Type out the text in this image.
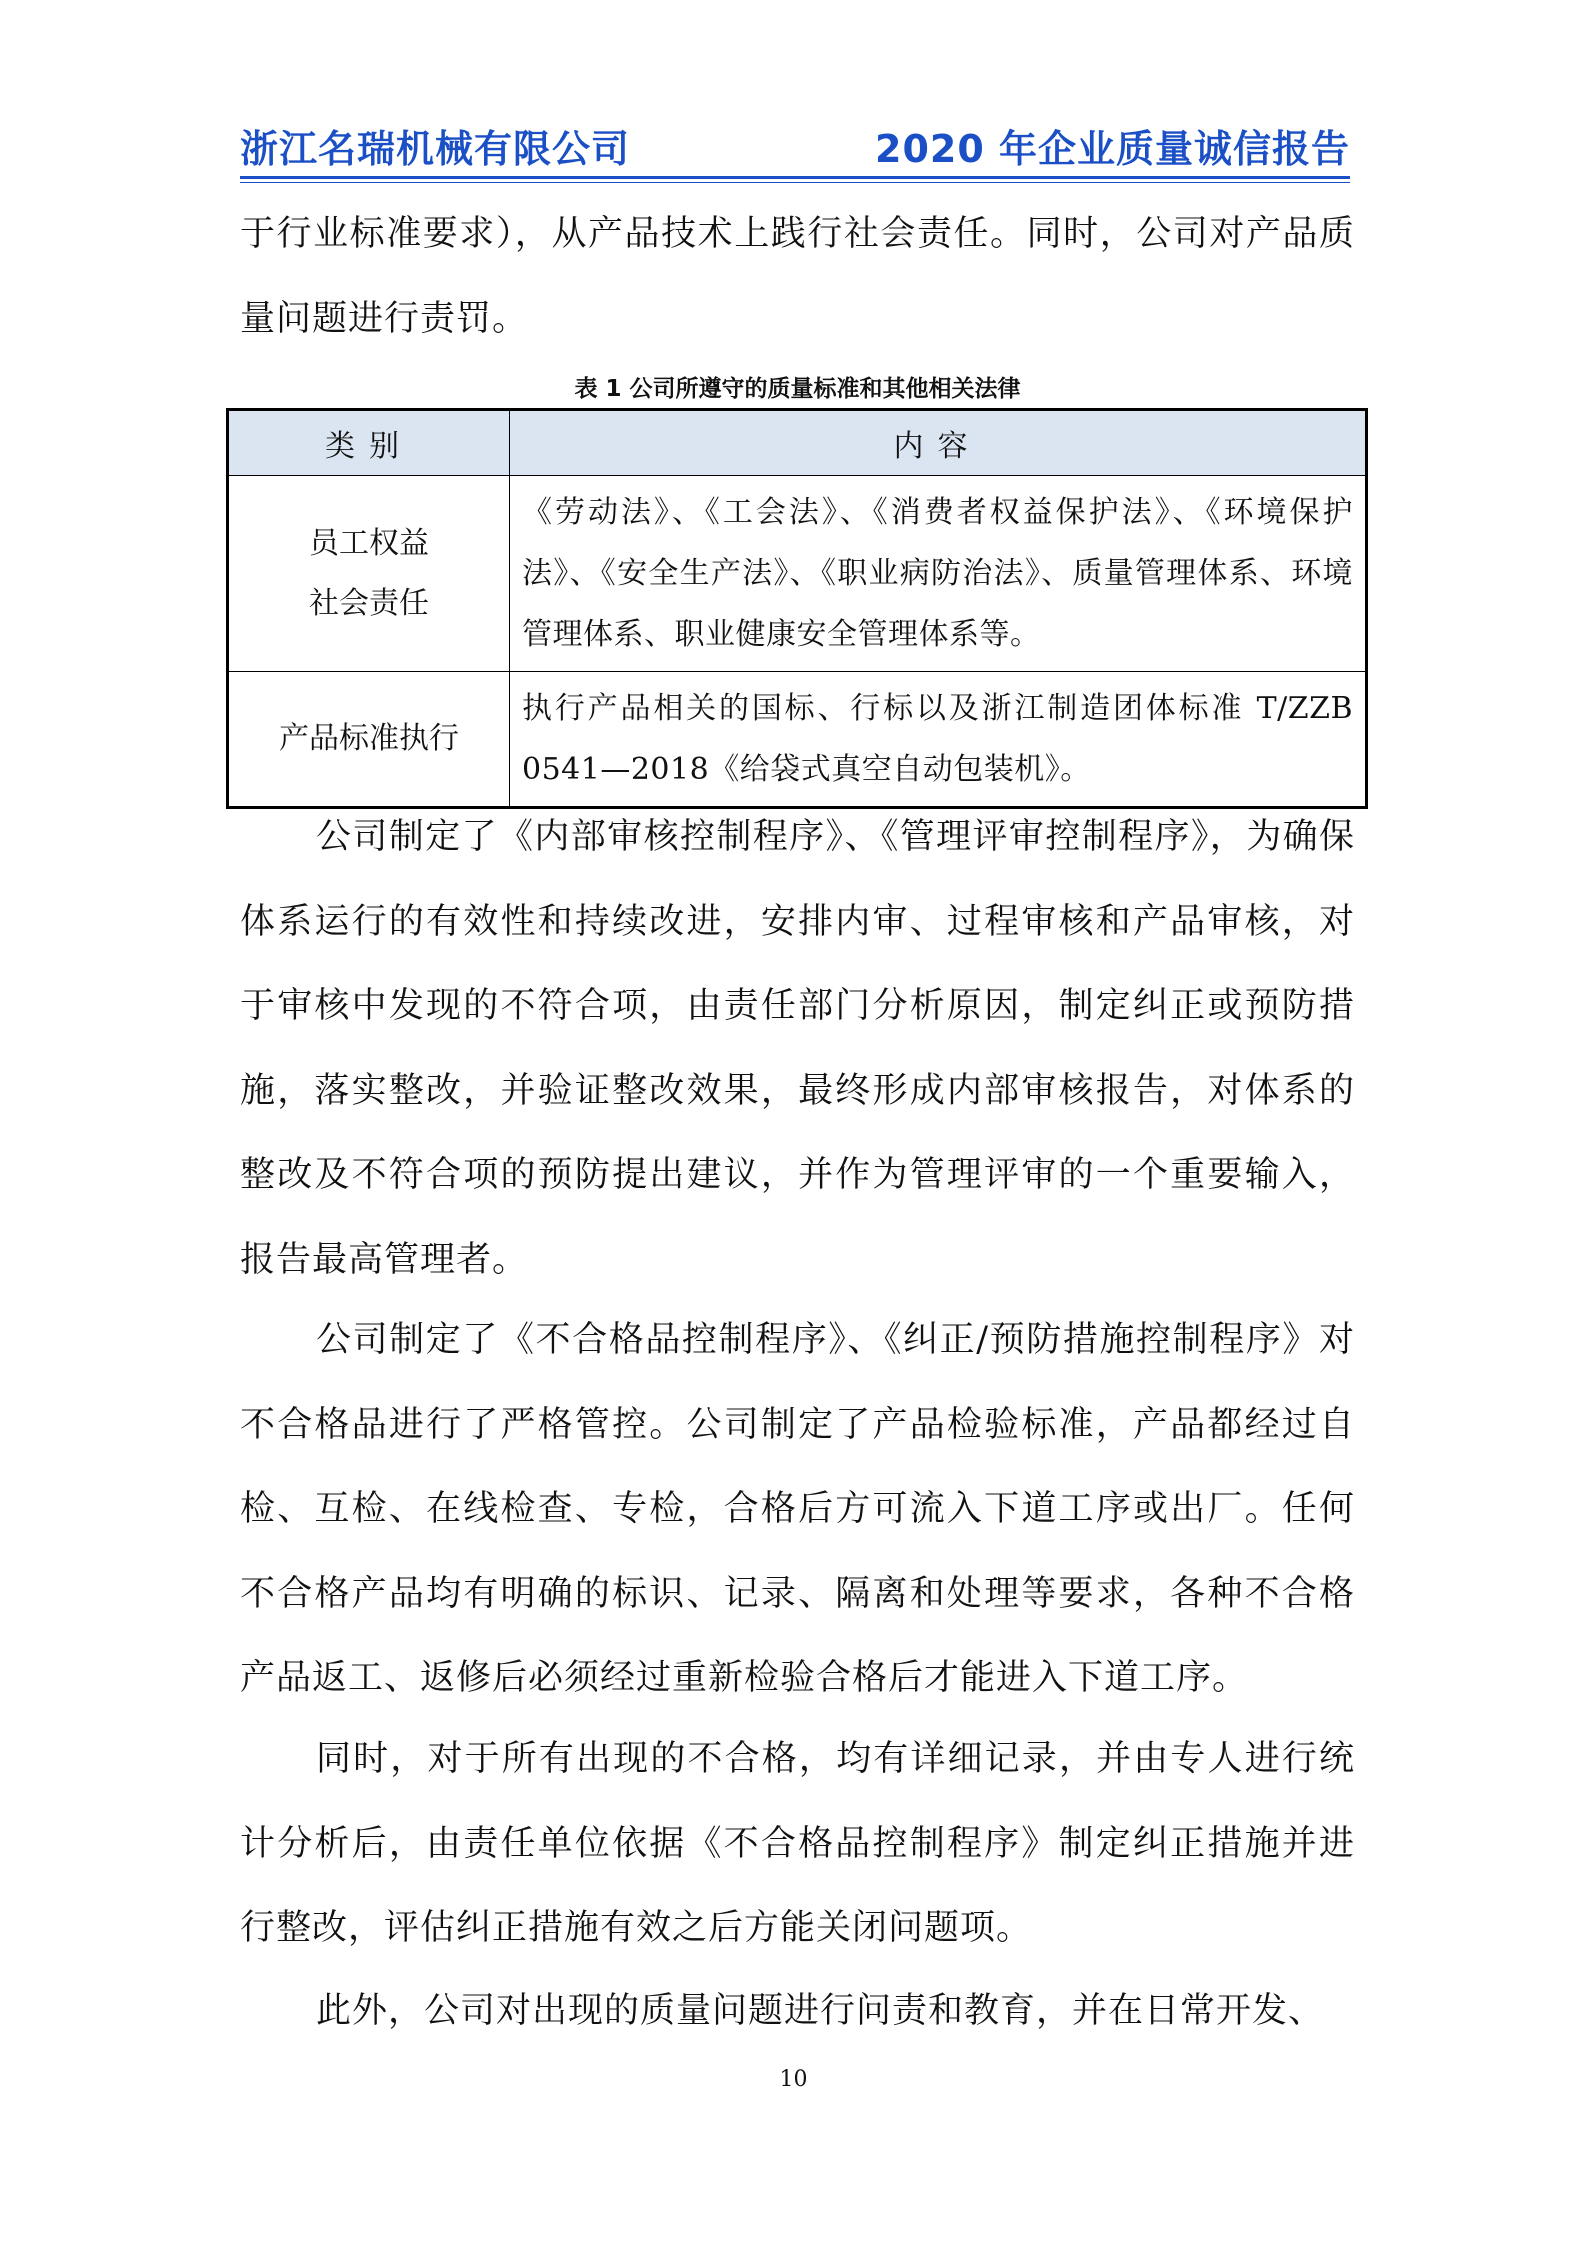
浙江名瑞机械有限公司	2020 年企业质量诚信报告
于行业标准要求），从产品技术上践行社会责任。同时，公司对产品质量问题进行责罚。
表 1 公司所遵守的质量标准和其他相关法律
类别	内容

员工权益
社会责任	《劳动法》、《工会法》、《消费者权益保护法》、《环境保护法》、《安全生产法》、《职业病防治法》、质量管理体系、环境管理体系、职业健康安全管理体系等。

产品标准执行	执行产品相关的国标、行标以及浙江制造团体标准 T/ZZB 0541—2018《给袋式真空自动包装机》。
公司制定了《内部审核控制程序》、《管理评审控制程序》，为确保体系运行的有效性和持续改进，安排内审、过程审核和产品审核，对于审核中发现的不符合项，由责任部门分析原因，制定纠正或预防措施，落实整改，并验证整改效果，最终形成内部审核报告，对体系的整改及不符合项的预防提出建议，并作为管理评审的一个重要输入，报告最高管理者。
公司制定了《不合格品控制程序》、《纠正/预防措施控制程序》对不合格品进行了严格管控。公司制定了产品检验标准，产品都经过自检、互检、在线检查、专检，合格后方可流入下道工序或出厂。任何不合格产品均有明确的标识、记录、隔离和处理等要求，各种不合格产品返工、返修后必须经过重新检验合格后才能进入下道工序。
同时，对于所有出现的不合格，均有详细记录，并由专人进行统计分析后，由责任单位依据《不合格品控制程序》制定纠正措施并进行整改，评估纠正措施有效之后方能关闭问题项。
此外，公司对出现的质量问题进行问责和教育，并在日常开发、
10
